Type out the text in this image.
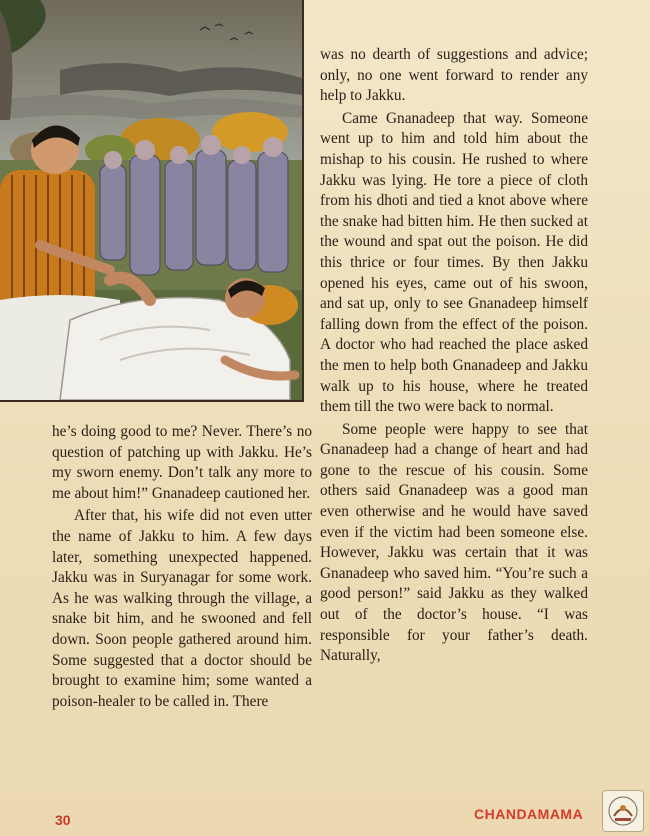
was no dearth of suggestions and advice; only, no one went forward to render any help to Jakku.

Came Gnanadeep that way. Someone went up to him and told him about the mishap to his cousin. He rushed to where Jakku was lying. He tore a piece of cloth from his dhoti and tied a knot above where the snake had bitten him. He then sucked at the wound and spat out the poison. He did this thrice or four times. By then Jakku opened his eyes, came out of his swoon, and sat up, only to see Gnanadeep himself falling down from the effect of the poison. A doctor who had reached the place asked the men to help both Gnanadeep and Jakku walk up to his house, where he treated them till the two were back to normal.

Some people were happy to see that Gnanadeep had a change of heart and had gone to the rescue of his cousin. Some others said Gnanadeep was a good man even otherwise and he would have saved even if the victim had been someone else. However, Jakku was certain that it was Gnanadeep who saved him. “You’re such a good person!” said Jakku as they walked out of the doctor’s house. “I was responsible for your father’s death. Naturally,

he’s doing good to me? Never. There’s no question of patching up with Jakku. He’s my sworn enemy. Don’t talk any more to me about him!” Gnanadeep cautioned her.

After that, his wife did not even utter the name of Jakku to him. A few days later, something unexpected happened. Jakku was in Suryanagar for some work. As he was walking through the village, a snake bit him, and he swooned and fell down. Soon people gathered around him. Some suggested that a doctor should be brought to examine him; some wanted a poison-healer to be called in. There

30	CHANDAMAMA
